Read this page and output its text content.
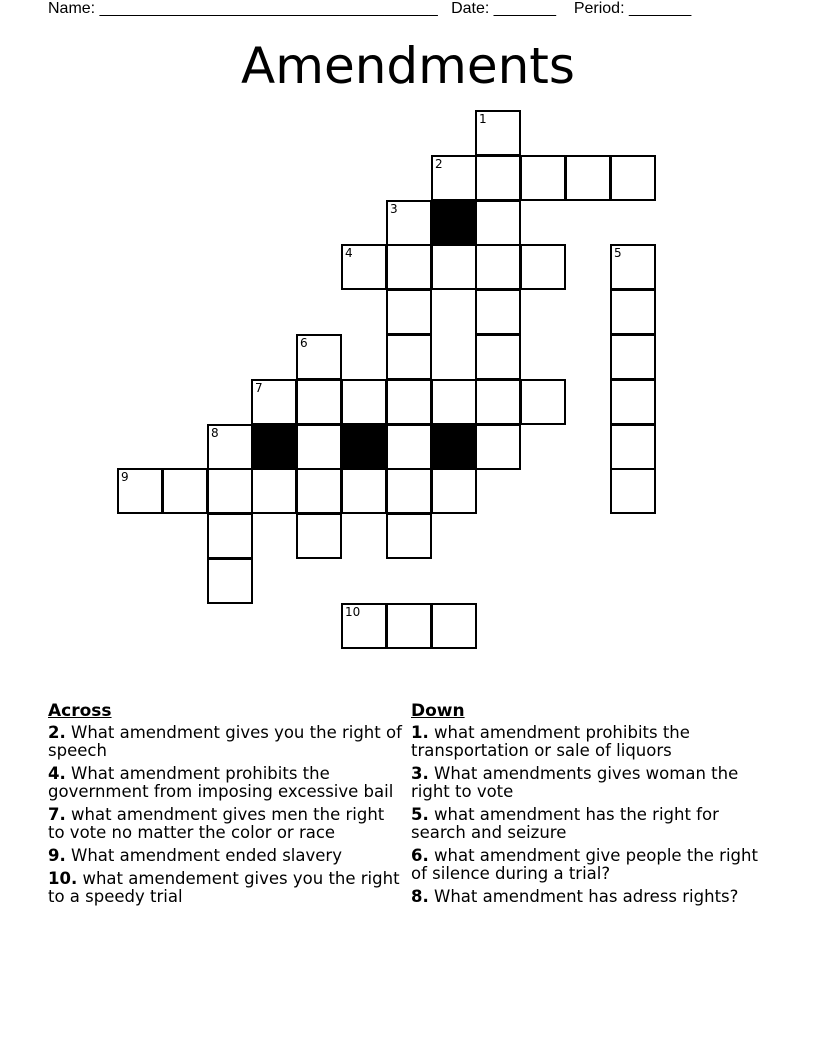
Name: ______________________________________ Date: _______ Period: _______
Amendments
1
2
3
4	5
6
7
8
9
10
Across
2. What amendment gives you the right of speech
4. What amendment prohibits the government from imposing excessive bail
7. what amendment gives men the right to vote no matter the color or race
9. What amendment ended slavery
10. what amendement gives you the right to a speedy trial
Down
1. what amendment prohibits the transportation or sale of liquors
3. What amendments gives woman the right to vote
5. what amendment has the right for search and seizure
6. what amendment give people the right of silence during a trial?
8. What amendment has adress rights?
